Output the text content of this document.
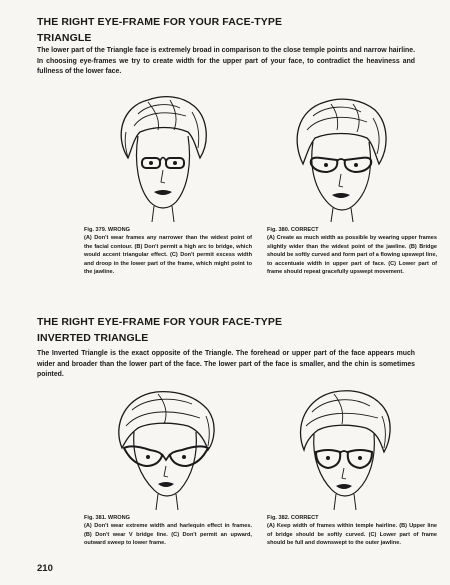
THE RIGHT EYE-FRAME FOR YOUR FACE-TYPE
TRIANGLE

The lower part of the Triangle face is extremely broad in comparison to the close temple points and narrow hairline. In choosing eye-frames we try to create width for the upper part of your face, to contradict the heaviness and fullness of the lower face.

Fig. 379. WRONG
(A) Don't wear frames any narrower than the widest point of the facial contour. (B) Don't permit a high arc to bridge, which would accent triangular effect. (C) Don't permit excess width and droop in the lower part of the frame, which might point to the jawline.

Fig. 380. CORRECT
(A) Create as much width as possible by wearing upper frames slightly wider than the widest point of the jawline. (B) Bridge should be softly curved and form part of a flowing upswept line, to accentuate width in upper part of face. (C) Lower part of frame should repeat gracefully upswept movement.

THE RIGHT EYE-FRAME FOR YOUR FACE-TYPE
INVERTED TRIANGLE

The Inverted Triangle is the exact opposite of the Triangle. The forehead or upper part of the face appears much wider and broader than the lower part of the face. The lower part of the face is smaller, and the chin is sometimes pointed.

Fig. 381. WRONG
(A) Don't wear extreme width and harlequin effect in frames. (B) Don't wear V bridge line. (C) Don't permit an upward, outward sweep to lower frame.

Fig. 382. CORRECT
(A) Keep width of frames within temple hairline. (B) Upper line of bridge should be softly curved. (C) Lower part of frame should be full and downswept to the outer jawline.

210
